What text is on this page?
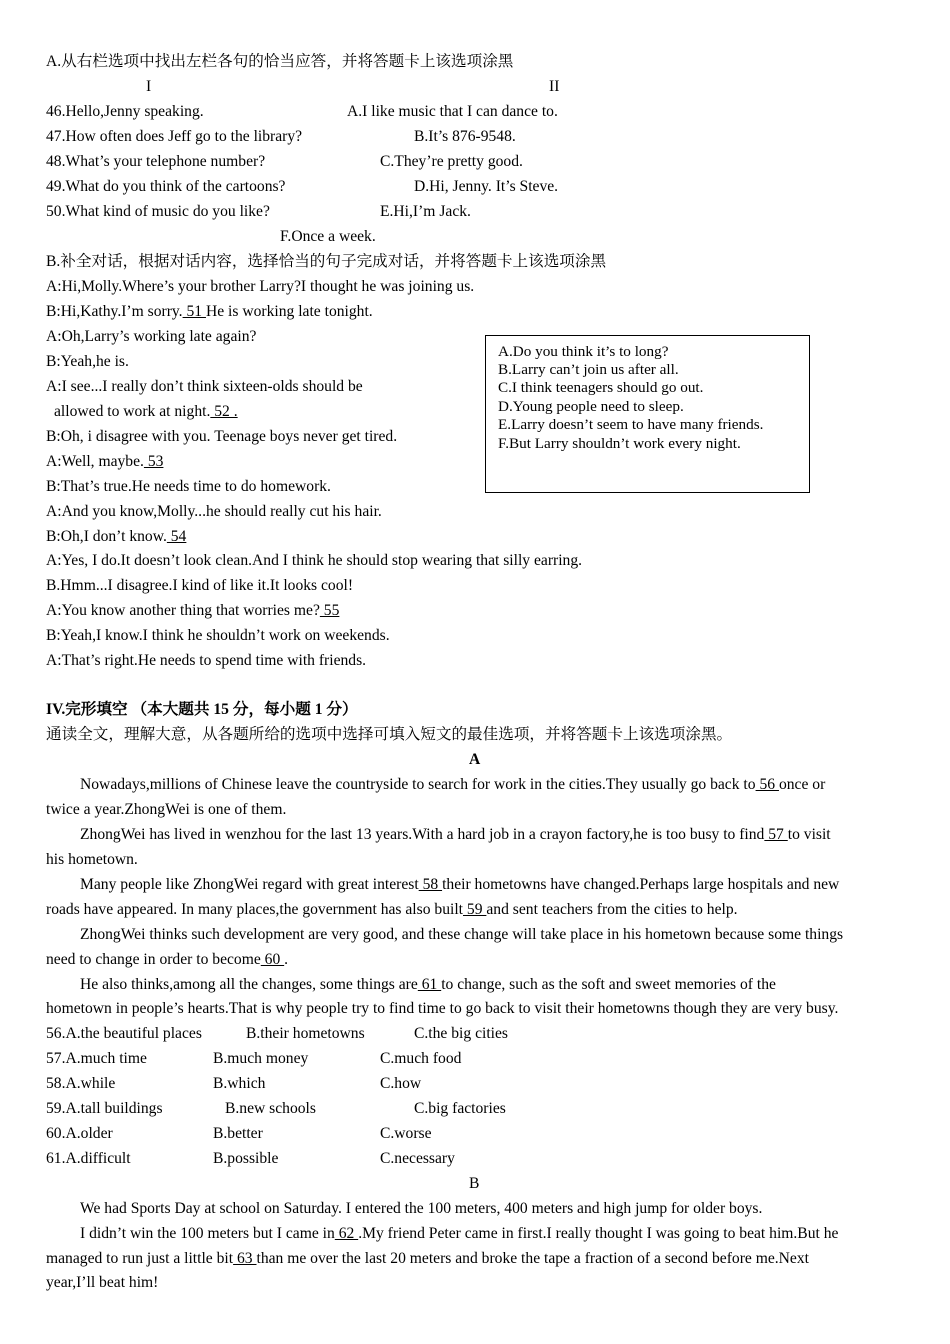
A.从右栏选项中找出左栏各句的恰当应答，并将答题卡上该选项涂黑
I	II
46.Hello,Jenny speaking.	A.I like music that I can dance to.
47.How often does Jeff go to the library?	B.It’s 876-9548.
48.What’s your telephone number?	C.They’re pretty good.
49.What do you think of the cartoons?	D.Hi, Jenny. It’s Steve.
50.What kind of music do you like?	E.Hi,I’m Jack.
F.Once a week.
B.补全对话，根据对话内容，选择恰当的句子完成对话，并将答题卡上该选项涂黑
A:Hi,Molly.Where’s your brother Larry?I thought he was joining us.
B:Hi,Kathy.I’m sorry. 51 He is working late tonight.
A:Oh,Larry’s working late again?
B:Yeah,he is.
A:I see...I really don’t think sixteen-olds should be
allowed to work at night. 52 .
B:Oh, i disagree with you. Teenage boys never get tired.
A:Well, maybe. 53
B:That’s true.He needs time to do homework.
A:And you know,Molly...he should really cut his hair.
B:Oh,I don’t know. 54
A:Yes, I do.It doesn’t look clean.And I think he should stop wearing that silly earring.
B.Hmm...I disagree.I kind of like it.It looks cool!
A:You know another thing that worries me? 55
B:Yeah,I know.I think he shouldn’t work on weekends.
A:That’s right.He needs to spend time with friends.
A.Do you think it’s to long?
B.Larry can’t join us after all.
C.I think teenagers should go out.
D.Young people need to sleep.
E.Larry doesn’t seem to have many friends.
F.But Larry shouldn’t work every night.
IV.完形填空 （本大题共 15 分，每小题 1 分）
通读全文，理解大意，从各题所给的选项中选择可填入短文的最佳选项，并将答题卡上该选项涂黑。
A
Nowadays,millions of Chinese leave the countryside to search for work in the cities.They usually go back to 56 once or
twice a year.ZhongWei is one of them.
ZhongWei has lived in wenzhou for the last 13 years.With a hard job in a crayon factory,he is too busy to find 57 to visit
his hometown.
Many people like ZhongWei regard with great interest 58 their hometowns have changed.Perhaps large hospitals and new
roads have appeared. In many places,the government has also built 59 and sent teachers from the cities to help.
ZhongWei thinks such development are very good, and these change will take place in his hometown because some things
need to change in order to become 60 .
He also thinks,among all the changes, some things are 61 to change, such as the soft and sweet memories of the
hometown in people’s hearts.That is why people try to find time to go back to visit their hometowns though they are very busy.
56.A.the beautiful places	B.their hometowns	C.the big cities
57.A.much time	B.much money	C.much food
58.A.while	B.which	C.how
59.A.tall buildings	B.new schools	C.big factories
60.A.older	B.better	C.worse
61.A.difficult	B.possible	C.necessary
B
We had Sports Day at school on Saturday. I entered the 100 meters, 400 meters and high jump for older boys.
I didn’t win the 100 meters but I came in 62 .My friend Peter came in first.I really thought I was going to beat him.But he
managed to run just a little bit 63 than me over the last 20 meters and broke the tape a fraction of a second before me.Next
year,I’ll beat him!
